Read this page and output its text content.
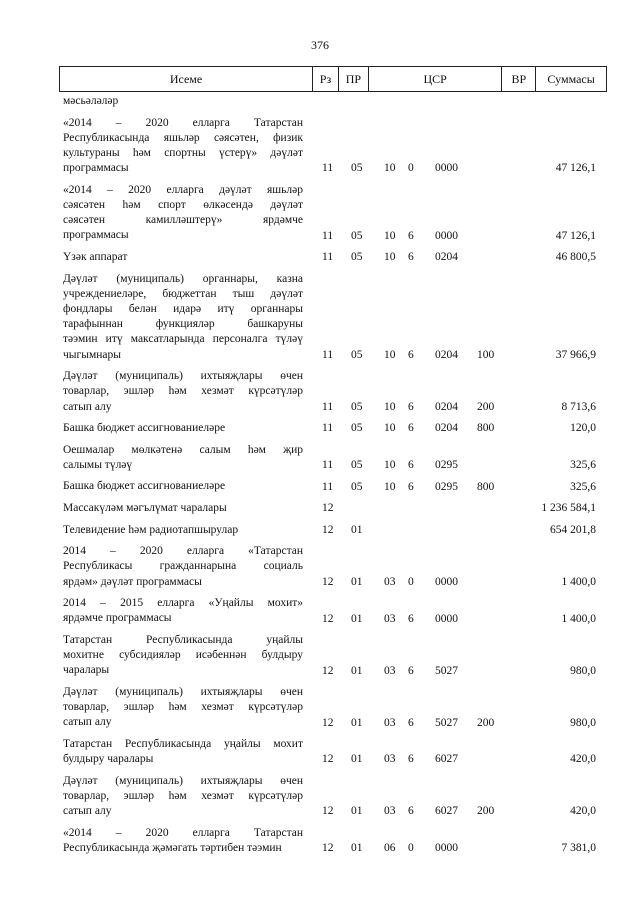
376
Исеме	Рз	ПР	ЦСР	ВР	Суммасы
мәсьәләләр
«2014 – 2020 елларга Татарстан
Республикасында яшьләр сәясәтен, физик
культураны һәм спортны үстерү» дәүләт
программасы	11 05 10 0 0000	47 126,1
«2014 – 2020 елларга дәүләт яшьләр
сәясәтен һәм спорт өлкәсендә дәүләт
сәясәтен камилләштерү» ярдәмче
программасы	11 05 10 6 0000	47 126,1
Үзәк аппарат	11 05 10 6 0204	46 800,5
Дәүләт (муниципаль) органнары, казна
учреждениеләре, бюджеттан тыш дәүләт
фондлары белән идарә итү органнары
тарафыннан функцияләр башкаруны
тәэмин итү максатларында персоналга түләү
чыгымнары	11 05 10 6 0204 100	37 966,9
Дәүләт (муниципаль) ихтыяҗлары өчен
товарлар, эшләр һәм хезмәт күрсәтүләр
сатып алу	11 05 10 6 0204 200	8 713,6
Башка бюджет ассигнованиеләре	11 05 10 6 0204 800	120,0
Оешмалар мөлкәтенә салым һәм җир
салымы түләү	11 05 10 6 0295	325,6
Башка бюджет ассигнованиеләре	11 05 10 6 0295 800	325,6
Массакүләм мәгълүмат чаралары	12	1 236 584,1
Телевидение һәм радиотапшырулар	12 01	654 201,8
2014 – 2020 елларга «Татарстан
Республикасы гражданнарына социаль
ярдәм» дәүләт программасы	12 01 03 0 0000	1 400,0
2014 – 2015 елларга «Уңайлы мохит»
ярдәмче программасы	12 01 03 6 0000	1 400,0
Татарстан Республикасында уңайлы
мохитне субсидияләр исәбеннән булдыру
чаралары	12 01 03 6 5027	980,0
Дәүләт (муниципаль) ихтыяҗлары өчен
товарлар, эшләр һәм хезмәт күрсәтүләр
сатып алу	12 01 03 6 5027 200	980,0
Татарстан Республикасында уңайлы мохит
булдыру чаралары	12 01 03 6 6027	420,0
Дәүләт (муниципаль) ихтыяҗлары өчен
товарлар, эшләр һәм хезмәт күрсәтүләр
сатып алу	12 01 03 6 6027 200	420,0
«2014 – 2020 елларга Татарстан
Республикасында җәмәгать тәртибен тәэмин	12 01 06 0 0000	7 381,0
